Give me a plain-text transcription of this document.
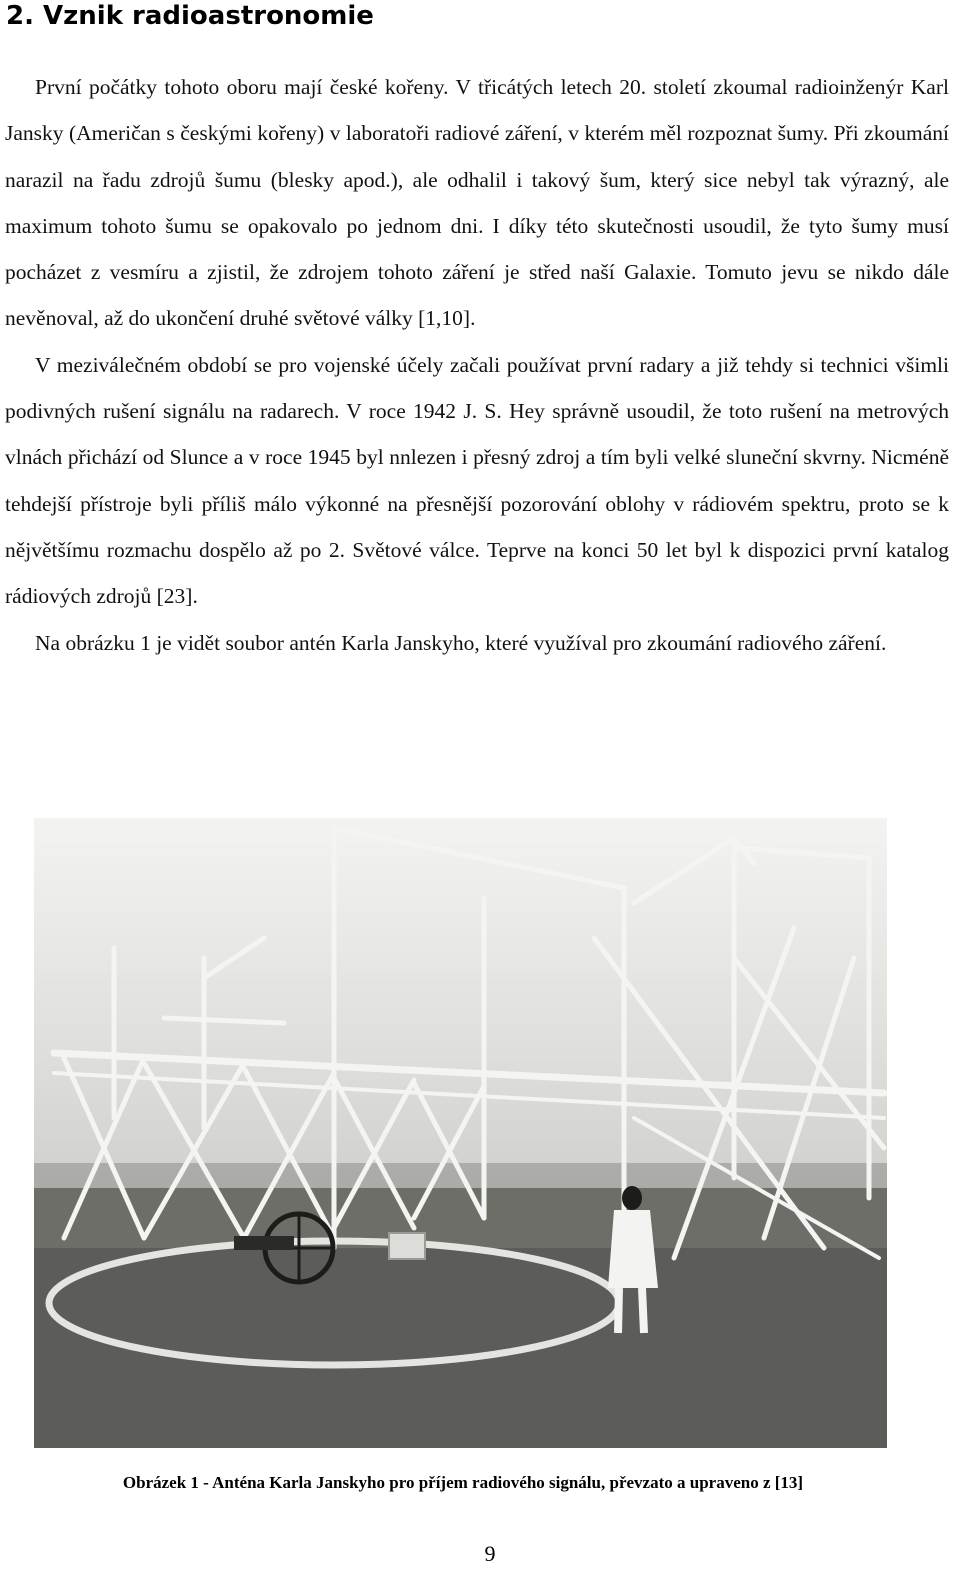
2. Vznik radioastronomie

První počátky tohoto oboru mají české kořeny. V třicátých letech 20. století zkoumal radioinženýr Karl Jansky (Američan s českými kořeny) v laboratoři radiové záření, v kterém měl rozpoznat šumy. Při zkoumání narazil na řadu zdrojů šumu (blesky apod.), ale odhalil i takový šum, který sice nebyl tak výrazný, ale maximum tohoto šumu se opakovalo po jednom dni. I díky této skutečnosti usoudil, že tyto šumy musí pocházet z vesmíru a zjistil, že zdrojem tohoto záření je střed naší Galaxie. Tomuto jevu se nikdo dále nevěnoval, až do ukončení druhé světové války [1,10].

V meziválečném období se pro vojenské účely začali používat první radary a již tehdy si technici všimli podivných rušení signálu na radarech. V roce 1942 J. S. Hey správně usoudil, že toto rušení na metrových vlnách přichází od Slunce a v roce 1945 byl nnlezen i přesný zdroj a tím byli velké sluneční skvrny. Nicméně tehdejší přístroje byli příliš málo výkonné na přesnější pozorování oblohy v rádiovém spektru, proto se k nějvětšímu rozmachu dospělo až po 2. Světové válce. Teprve na konci 50 let byl k dispozici první katalog rádiových zdrojů [23].

Na obrázku 1 je vidět soubor antén Karla Janskyho, které využíval pro zkoumání radiového záření.

Obrázek 1 - Anténa Karla Janskyho pro příjem radiového signálu, převzato a upraveno z [13]
9
